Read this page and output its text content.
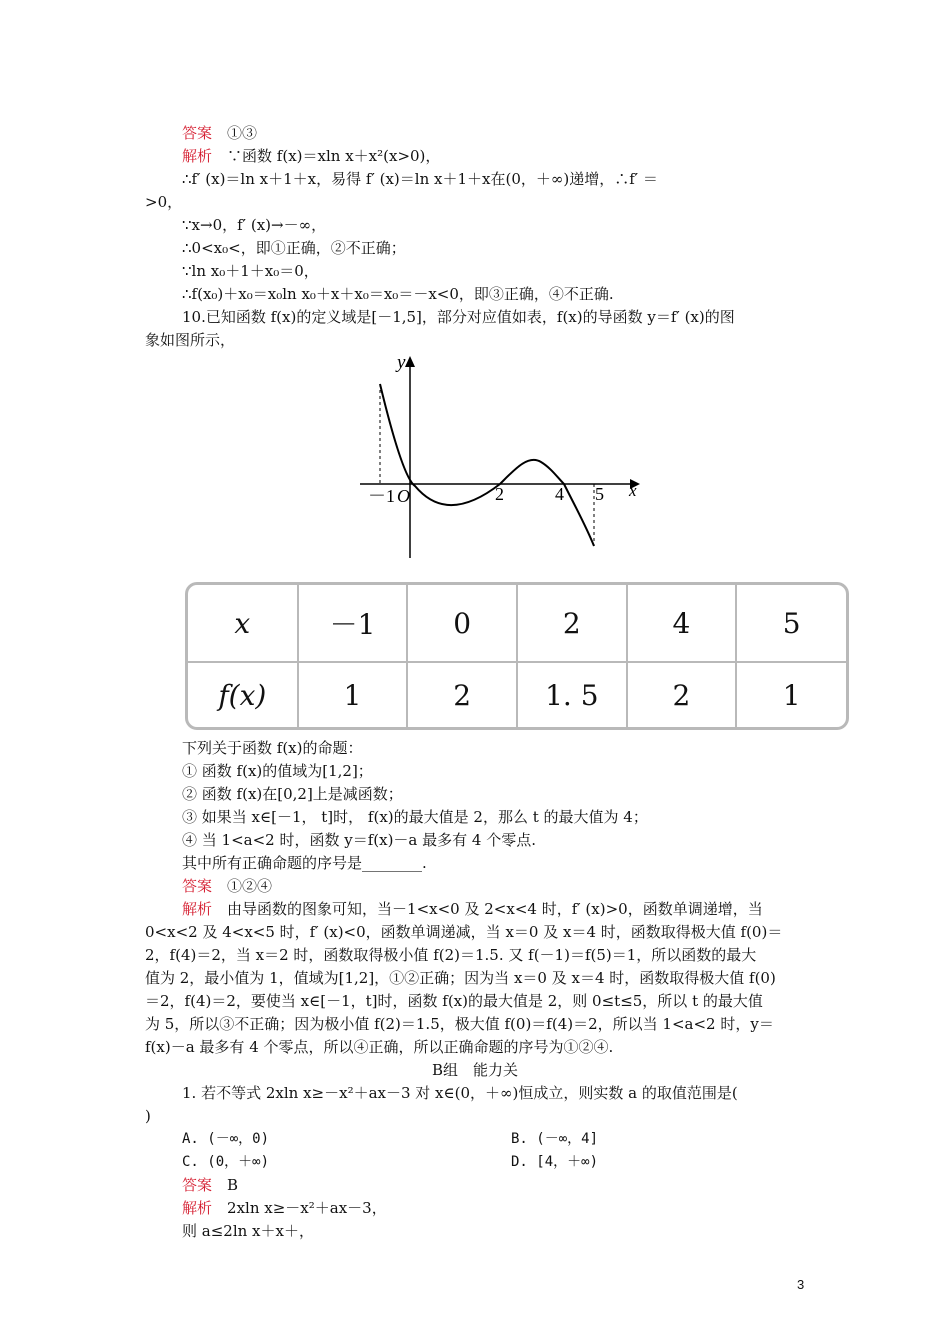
答案　 ①③
解析　 ∵函数 f(x)＝xln x＋x²(x>0)，
∴f′ (x)＝ln x＋1＋x，易得 f′ (x)＝ln x＋1＋x在(0，＋∞)递增，∴f′ ＝
>0，
∵x→0，f′ (x)→－∞，
∴0<x₀<，即①正确，②不正确；
∵ln x₀＋1＋x₀＝0，
∴f(x₀)＋x₀＝x₀ln x₀＋x＋x₀＝x₀＝－x<0，即③正确，④不正确.
10.已知函数 f(x)的定义域是[－1,5]，部分对应值如表，f(x)的导函数 y＝f′ (x)的图
象如图所示，
y
x
－1 O	2	4 5
x	－1	0	2	4	5
f(x)	1	2	1. 5	2	1
下列关于函数 f(x)的命题：
① 函数 f(x)的值域为[1,2]；
② 函数 f(x)在[0,2]上是减函数；
③ 如果当 x∈[－1， t]时， f(x)的最大值是 2，那么 t 的最大值为 4；
④ 当 1<a<2 时，函数 y＝f(x)－a 最多有 4 个零点.
其中所有正确命题的序号是________.
答案　 ①②④
解析　 由导函数的图象可知，当－1<x<0 及 2<x<4 时，f′ (x)>0，函数单调递增，当
0<x<2 及 4<x<5 时，f′ (x)<0，函数单调递减，当 x＝0 及 x＝4 时，函数取得极大值 f(0)＝
2，f(4)＝2，当 x＝2 时，函数取得极小值 f(2)＝1.5. 又 f(－1)＝f(5)＝1，所以函数的最大
值为 2，最小值为 1，值域为[1,2]，①②正确；因为当 x＝0 及 x＝4 时，函数取得极大值 f(0)
＝2，f(4)＝2，要使当 x∈[－1，t]时，函数 f(x)的最大值是 2，则 0≤t≤5，所以 t 的最大值
为 5，所以③不正确；因为极小值 f(2)＝1.5，极大值 f(0)＝f(4)＝2，所以当 1<a<2 时，y＝
f(x)－a 最多有 4 个零点，所以④正确，所以正确命题的序号为①②④.
B组　能力关
1. 若不等式 2xln x≥－x²＋ax－3 对 x∈(0，＋∞)恒成立，则实数 a 的取值范围是(
)
A. (－∞，0)	B. (－∞，4]
C. (0，＋∞)	D. [4，＋∞)
答案　 B
解析　 2xln x≥－x²＋ax－3，
则 a≤2ln x＋x＋，
3
